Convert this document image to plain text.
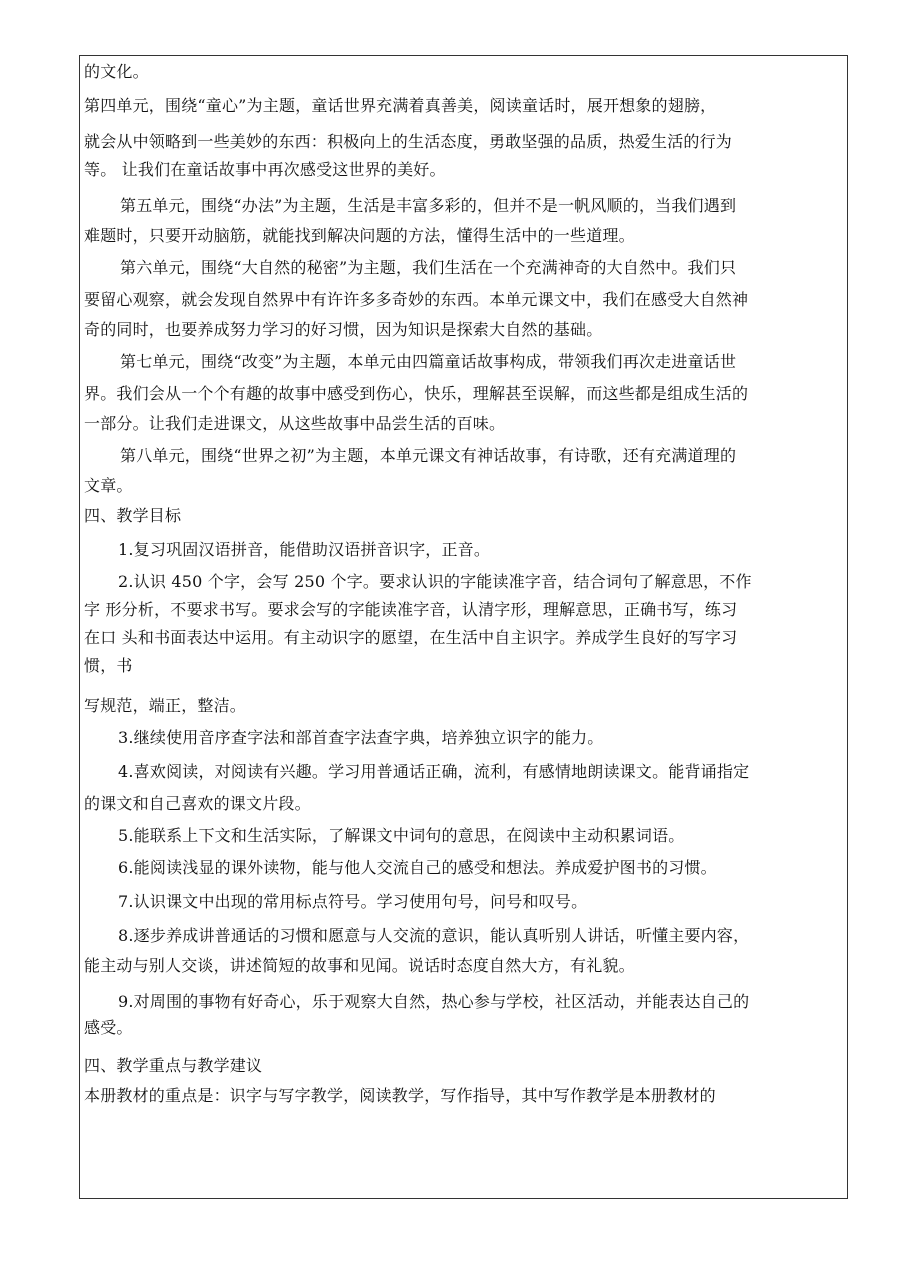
的文化。
第四单元，围绕“童心”为主题，童话世界充满着真善美，阅读童话时，展开想象的翅膀，
就会从中领略到一些美妙的东西：积极向上的生活态度，勇敢坚强的品质，热爱生活的行为
等。 让我们在童话故事中再次感受这世界的美好。
第五单元，围绕“办法”为主题，生活是丰富多彩的，但并不是一帆风顺的，当我们遇到
难题时，只要开动脑筋，就能找到解决问题的方法，懂得生活中的一些道理。
第六单元，围绕“大自然的秘密”为主题，我们生活在一个充满神奇的大自然中。我们只
要留心观察，就会发现自然界中有许许多多奇妙的东西。本单元课文中，我们在感受大自然神
奇的同时，也要养成努力学习的好习惯，因为知识是探索大自然的基础。
第七单元，围绕“改变”为主题，本单元由四篇童话故事构成，带领我们再次走进童话世
界。我们会从一个个有趣的故事中感受到伤心，快乐，理解甚至误解，而这些都是组成生活的
一部分。让我们走进课文，从这些故事中品尝生活的百味。
第八单元，围绕“世界之初”为主题，本单元课文有神话故事，有诗歌，还有充满道理的
文章。
四、教学目标
1.复习巩固汉语拼音，能借助汉语拼音识字，正音。
2.认识 450 个字，会写 250 个字。要求认识的字能读准字音，结合词句了解意思，不作
字 形分析，不要求书写。要求会写的字能读准字音，认清字形，理解意思，正确书写，练习
在口 头和书面表达中运用。有主动识字的愿望，在生活中自主识字。养成学生良好的写字习
惯，书
写规范，端正，整洁。
3.继续使用音序查字法和部首查字法查字典，培养独立识字的能力。
4.喜欢阅读，对阅读有兴趣。学习用普通话正确，流利，有感情地朗读课文。能背诵指定
的课文和自己喜欢的课文片段。
5.能联系上下文和生活实际，了解课文中词句的意思，在阅读中主动积累词语。
6.能阅读浅显的课外读物，能与他人交流自己的感受和想法。养成爱护图书的习惯。
7.认识课文中出现的常用标点符号。学习使用句号，问号和叹号。
8.逐步养成讲普通话的习惯和愿意与人交流的意识，能认真听别人讲话，听懂主要内容，
能主动与别人交谈，讲述简短的故事和见闻。说话时态度自然大方，有礼貌。
9.对周围的事物有好奇心，乐于观察大自然，热心参与学校，社区活动，并能表达自己的
感受。
四、教学重点与教学建议
本册教材的重点是：识字与写字教学，阅读教学，写作指导，其中写作教学是本册教材的
